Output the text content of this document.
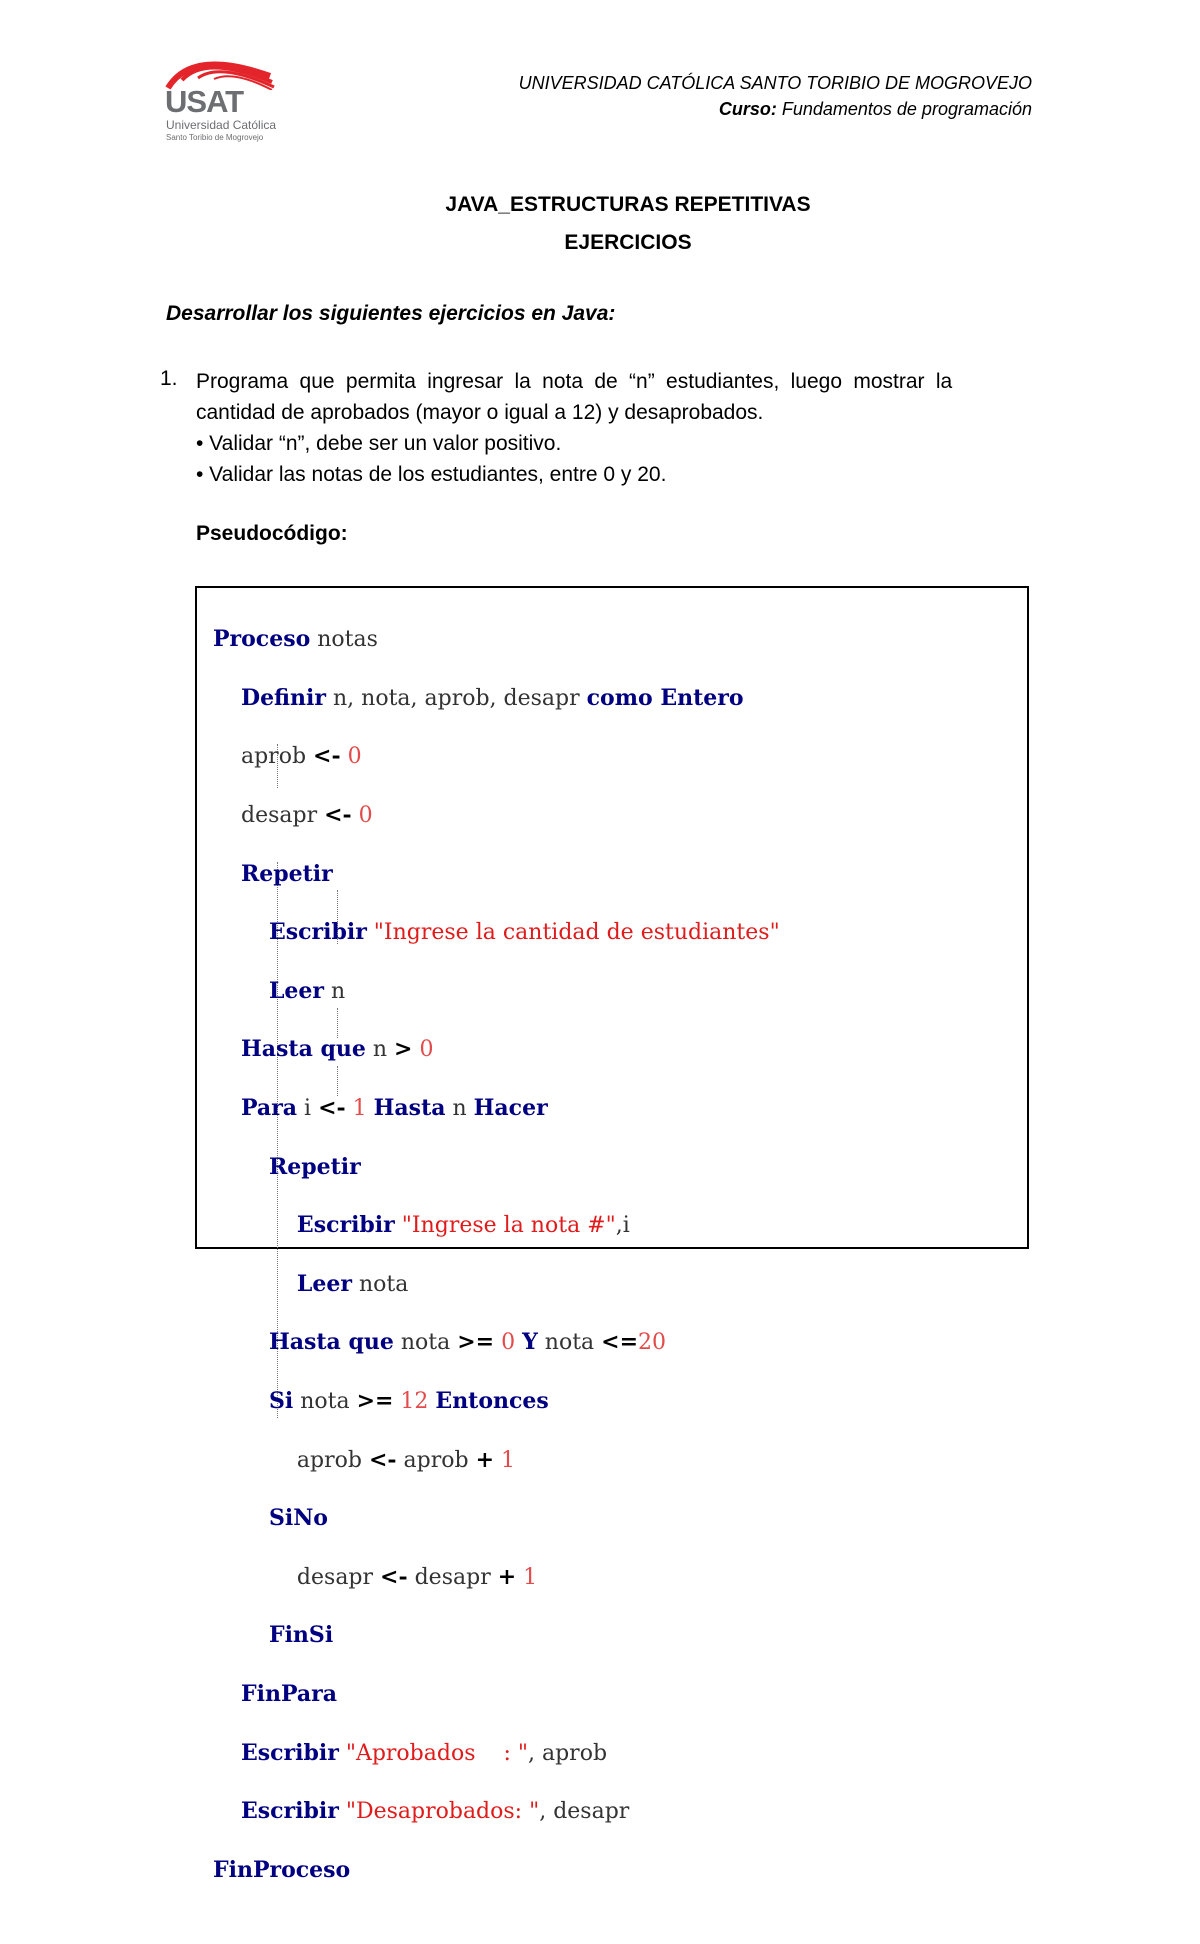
USAT
Universidad Católica
Santo Toribio de Mogrovejo
UNIVERSIDAD CATÓLICA SANTO TORIBIO DE MOGROVEJO
Curso: Fundamentos de programación
JAVA_ESTRUCTURAS REPETITIVAS
EJERCICIOS
Desarrollar los siguientes ejercicios en Java:
1. Programa que permita ingresar la nota de “n” estudiantes, luego mostrar la
cantidad de aprobados (mayor o igual a 12) y desaprobados.
• Validar “n”, debe ser un valor positivo.
• Validar las notas de los estudiantes, entre 0 y 20.
Pseudocódigo:

Proceso notas

Definir n, nota, aprob, desapr como Entero

aprob <- 0

desapr <- 0

Repetir

Escribir "Ingrese la cantidad de estudiantes"

Leer n

Hasta que n > 0

Para i <- 1 Hasta n Hacer

Repetir

Escribir "Ingrese la nota #",i

Leer nota

Hasta que nota >= 0 Y nota <=20

Si nota >= 12 Entonces

aprob <- aprob + 1

SiNo

desapr <- desapr + 1

FinSi

FinPara

Escribir "Aprobados    : ", aprob

Escribir "Desaprobados: ", desapr

FinProceso
